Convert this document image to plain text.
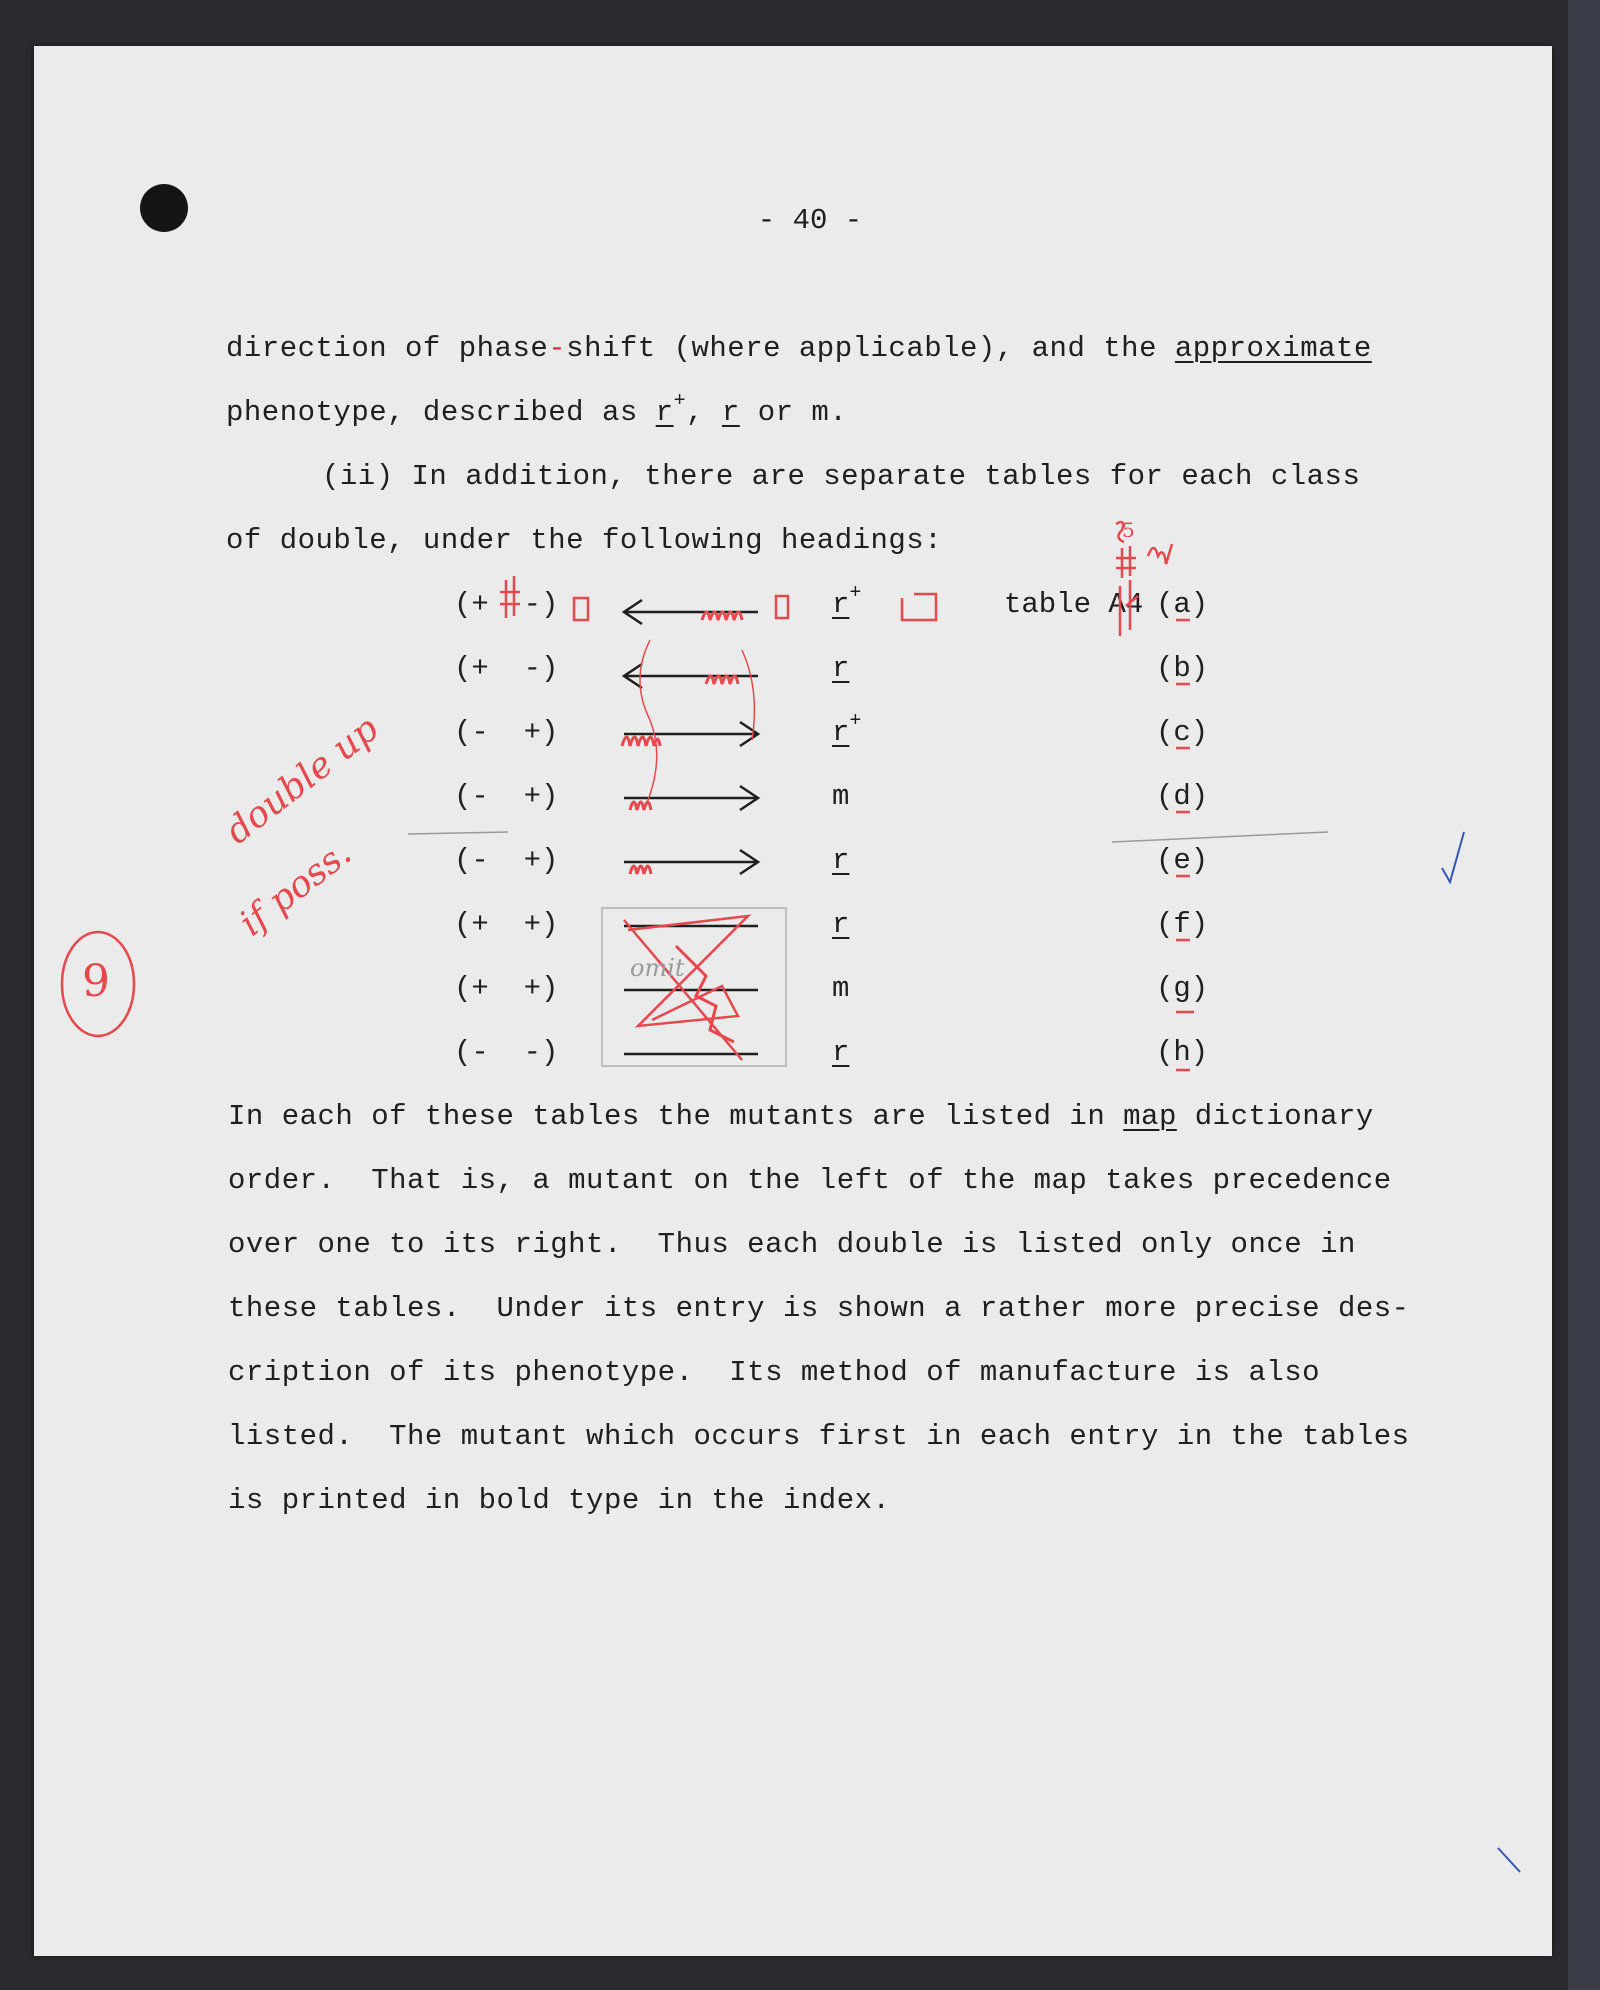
- 40 -
direction of phase-shift (where applicable), and the approximate
phenotype, described as r+, r or m.
(ii) In addition, there are separate tables for each class
of double, under the following headings:
(+  -)
(+  -)
(-  +)
(-  +)
(-  +)
(+  +)
(+  +)
(-  -)
r+
r
r+
m
r
r
m
r
table A4 (a)
(b)
(c)
(d)
(e)
(f)
(g)
(h)
In each of these tables the mutants are listed in map dictionary
order.  That is, a mutant on the left of the map takes precedence
over one to its right.  Thus each double is listed only once in
these tables.  Under its entry is shown a rather more precise des-
cription of its phenotype.  Its method of manufacture is also
listed.  The mutant which occurs first in each entry in the tables
is printed in bold type in the index.
double up
if poss.
9	omit
5
